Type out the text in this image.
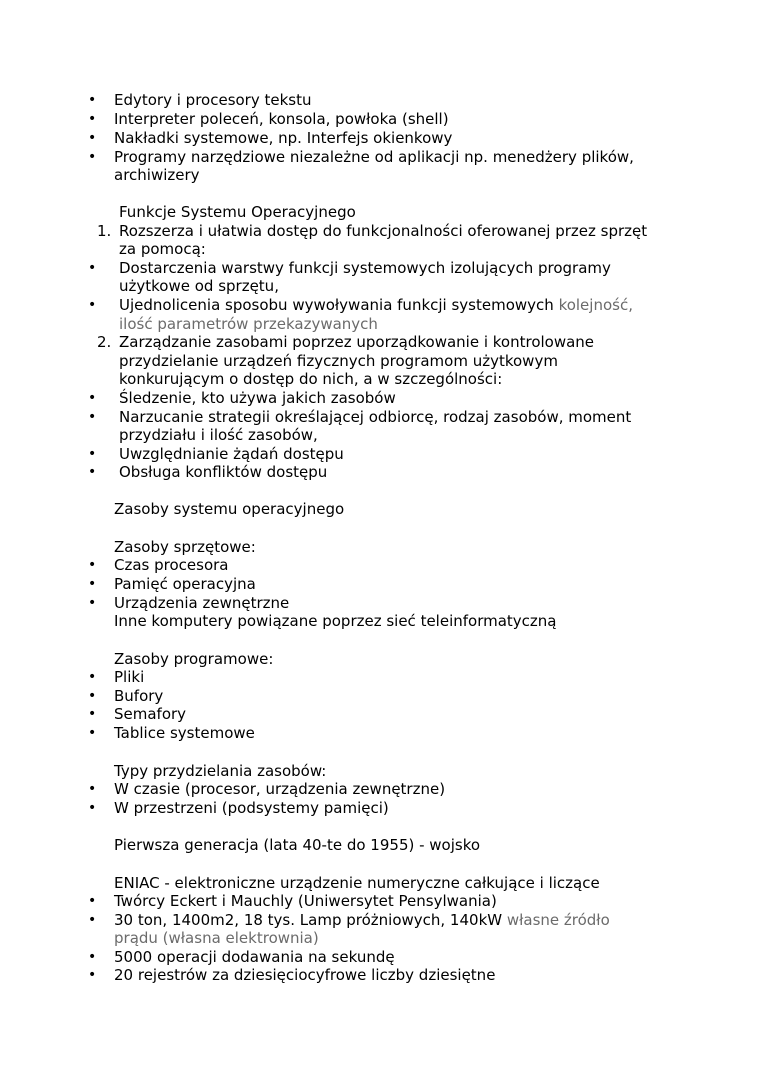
• Edytory i procesory tekstu
• Interpreter poleceń, konsola, powłoka (shell)
• Nakładki systemowe, np. Interfejs okienkowy
• Programy narzędziowe niezależne od aplikacji np. menedżery plików,
archiwizery
Funkcje Systemu Operacyjnego
1. Rozszerza i ułatwia dostęp do funkcjonalności oferowanej przez sprzęt
za pomocą:
• Dostarczenia warstwy funkcji systemowych izolujących programy
użytkowe od sprzętu,
• Ujednolicenia sposobu wywoływania funkcji systemowych kolejność,
ilość parametrów przekazywanych
2. Zarządzanie zasobami poprzez uporządkowanie i kontrolowane
przydzielanie urządzeń fizycznych programom użytkowym
konkurującym o dostęp do nich, a w szczególności:
• Śledzenie, kto używa jakich zasobów
• Narzucanie strategii określającej odbiorcę, rodzaj zasobów, moment
przydziału i ilość zasobów,
• Uwzględnianie żądań dostępu
• Obsługa konfliktów dostępu
Zasoby systemu operacyjnego
Zasoby sprzętowe:
• Czas procesora
• Pamięć operacyjna
• Urządzenia zewnętrzne
Inne komputery powiązane poprzez sieć teleinformatyczną
Zasoby programowe:
• Pliki
• Bufory
• Semafory
• Tablice systemowe
Typy przydzielania zasobów:
• W czasie (procesor, urządzenia zewnętrzne)
• W przestrzeni (podsystemy pamięci)
Pierwsza generacja (lata 40-te do 1955) - wojsko
ENIAC - elektroniczne urządzenie numeryczne całkujące i liczące
• Twórcy Eckert i Mauchly (Uniwersytet Pensylwania)
• 30 ton, 1400m2, 18 tys. Lamp próżniowych, 140kW własne źródło
prądu (własna elektrownia)
• 5000 operacji dodawania na sekundę
• 20 rejestrów za dziesięciocyfrowe liczby dziesiętne
